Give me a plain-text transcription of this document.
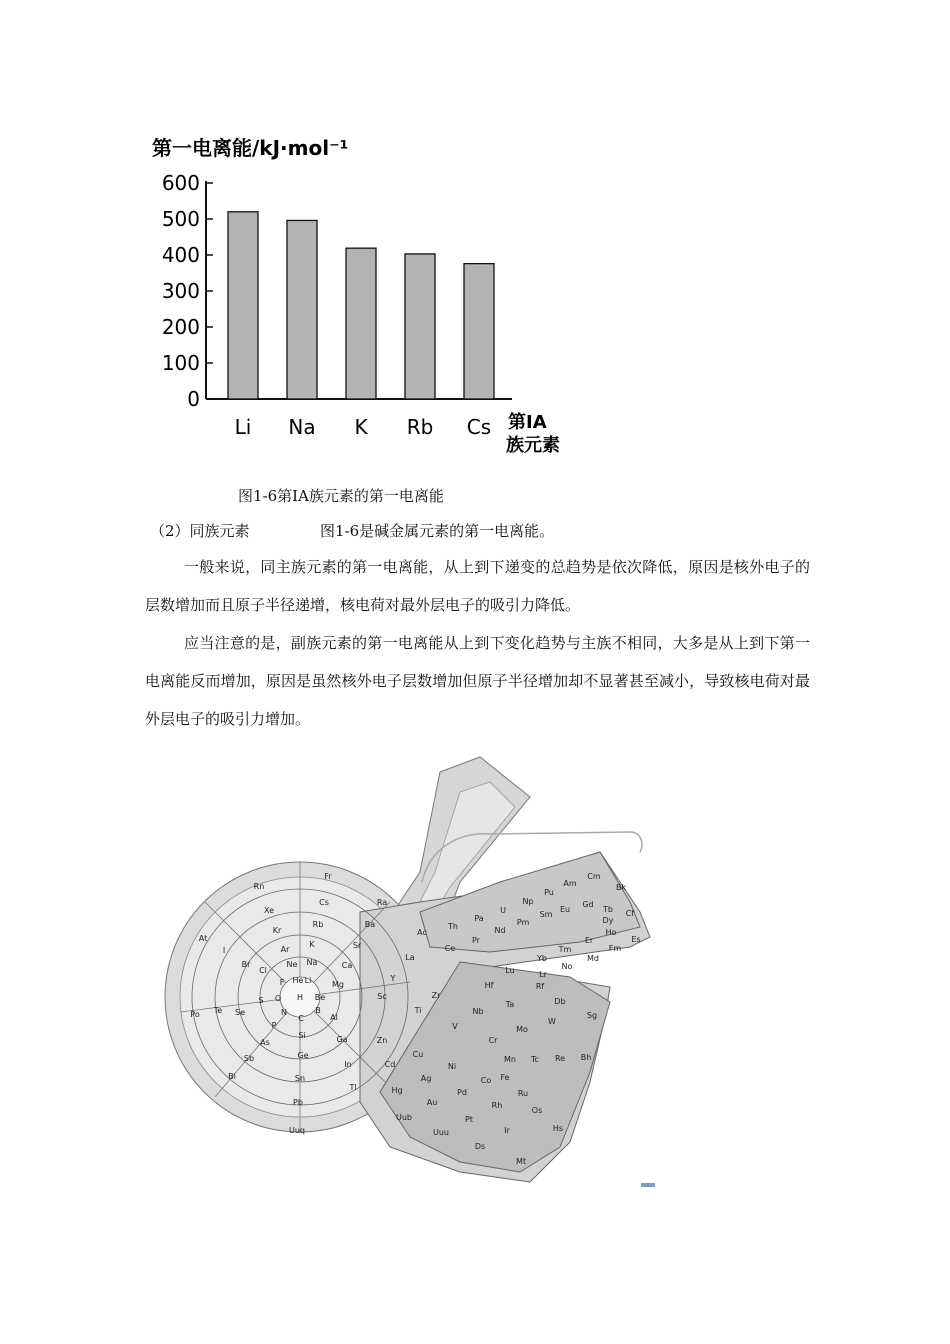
第一电离能/kJ·mol⁻¹
0
100
200
300
400
500
600
Li Na K Rb Cs 第ⅠA
族元素
图1-6第ⅠA族元素的第一电离能
（2）同族元素	图1-6是碱金属元素的第一电离能。

一般来说，同主族元素的第一电离能，从上到下递变的总趋势是依次降低，原因是核外电子的层数增加而且原子半径递增，核电荷对最外层电子的吸引力降低。

应当注意的是，副族元素的第一电离能从上到下变化趋势与主族不相同，大多是从上到下第一电离能反而增加，原因是虽然核外电子层数增加但原子半径增加却不显著甚至减小，导致核电荷对最外层电子的吸引力增加。

H
He Li
Be
B
C
N
O
F
Ne Na
Mg
Al
Si
P
S
Cl
Ar
K
Ca
Ga
Ge
As
Se
Br
Kr
Rb
Sr
In
Sn
Sb
Te
I
Xe
Cs
Ba
Tl
Pb
Bi
Po
At
Rn
Fr
Ra
Uuq
Sc
Ti
V
Cr
Mn
Fe
Co
Ni
Cu
Zn
Y
Zr
Nb
Mo
Tc
Ru
Rh
Pd
Ag
Cd
La
Hf
Ta
W
Re
Os
Ir
Pt
Au
Hg
Ac
Rf
Db
Sg
Bh
Hs
Mt
Ds
Uuu
Uub
Ce
Pr
Nd
Pm
Sm
Eu
Gd
Tb
Dy
Ho
Er
Tm
Yb
Lu
Th
Pa
U
Np
Pu
Am
Cm
Bk
Cf
Es
Fm
Md
No
Lr
